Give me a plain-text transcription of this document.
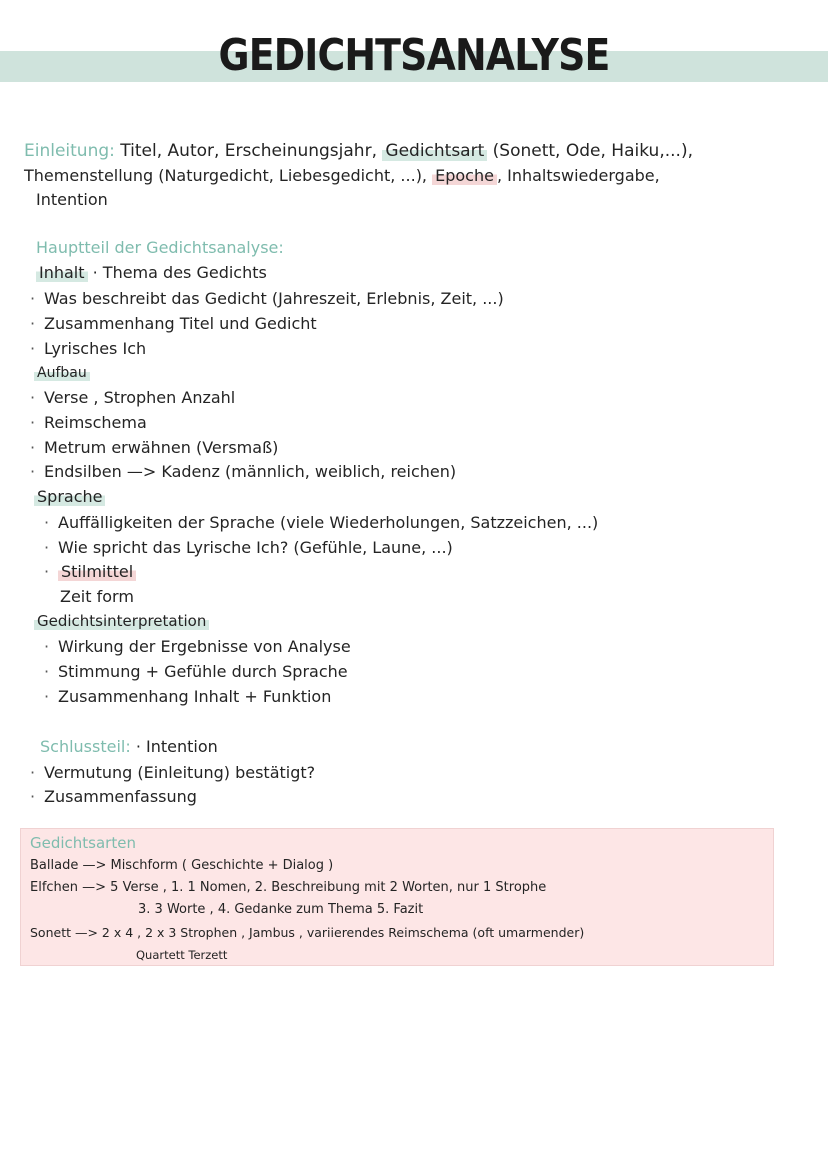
GEDICHTSANALYSE
Einleitung: Titel, Autor, Erscheinungsjahr, Gedichtsart (Sonett, Ode, Haiku,...),
Themenstellung (Naturgedicht, Liebesgedicht, ...), Epoche , Inhaltswiedergabe,
Intention
Hauptteil der Gedichtsanalyse:
Inhalt · Thema des Gedichts
· Was beschreibt das Gedicht (Jahreszeit, Erlebnis, Zeit, ...)
· Zusammenhang Titel und Gedicht
· Lyrisches Ich
Aufbau
· Verse , Strophen Anzahl
· Reimschema
· Metrum erwähnen (Versmaß)
· Endsilben —> Kadenz (männlich, weiblich, reichen)
Sprache
· Auffälligkeiten der Sprache (viele Wiederholungen, Satzzeichen, ...)
· Wie spricht das Lyrische Ich? (Gefühle, Laune, ...)
· Stilmittel
Zeit form
Gedichtsinterpretation
· Wirkung der Ergebnisse von Analyse
· Stimmung + Gefühle durch Sprache
· Zusammenhang Inhalt + Funktion
Schlussteil: · Intention
· Vermutung (Einleitung) bestätigt?
· Zusammenfassung
Gedichtsarten
Ballade —> Mischform ( Geschichte + Dialog )
Elfchen —> 5 Verse , 1. 1 Nomen, 2. Beschreibung mit 2 Worten, nur 1 Strophe
3. 3 Worte , 4. Gedanke zum Thema 5. Fazit
Sonett —> 2 x 4 , 2 x 3 Strophen , Jambus , variierendes Reimschema (oft umarmender)
Quartett Terzett
